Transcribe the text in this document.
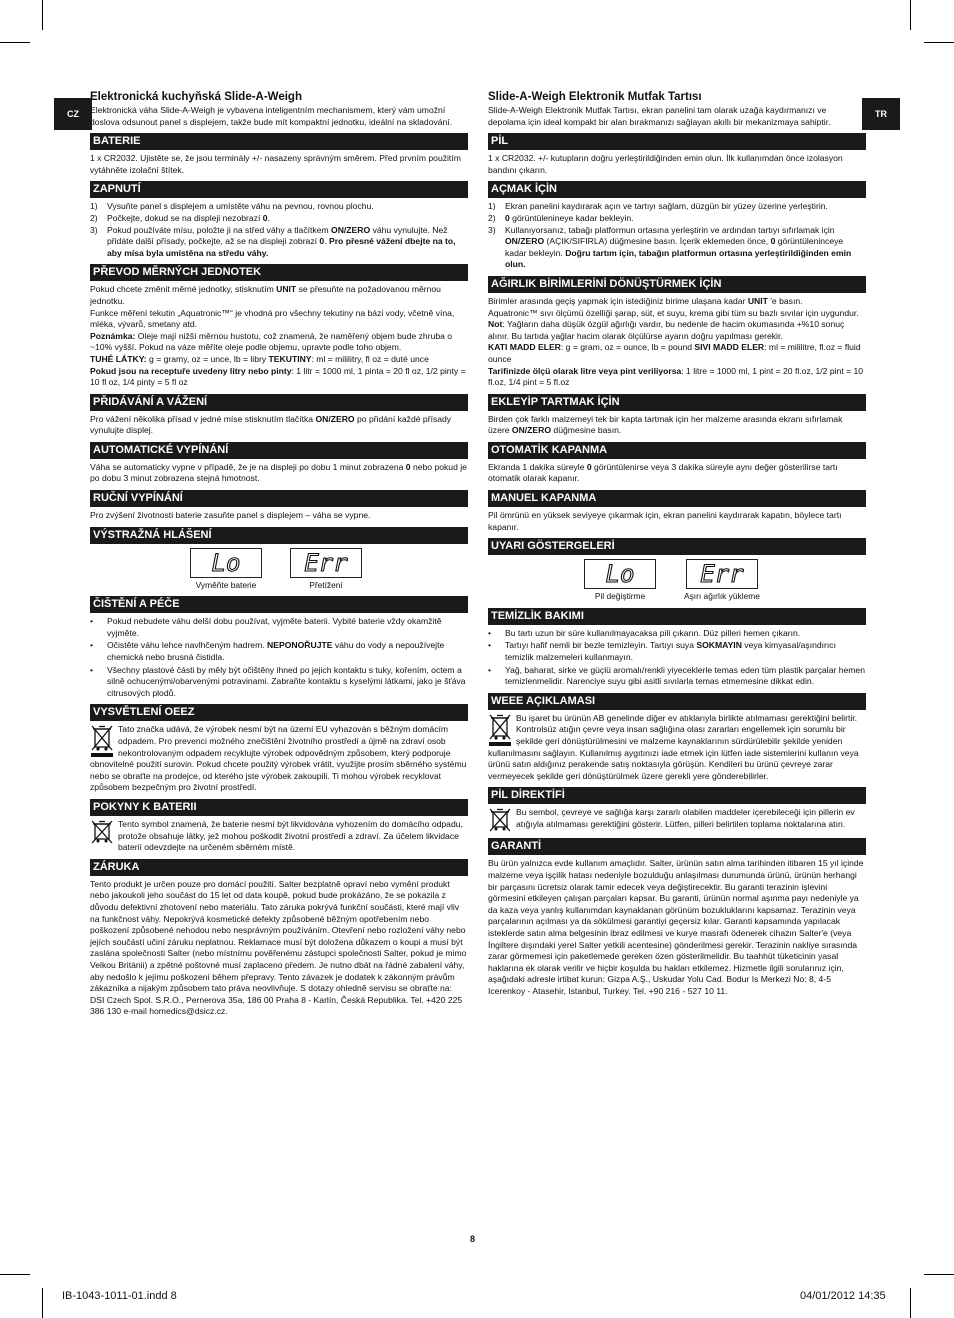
CZ	TR
Elektronická kuchyňská Slide-A-Weigh

Elektronická váha Slide-A-Weigh je vybavena inteligentním mechanismem, který vám umožní doslova odsunout panel s displejem, takže bude mít kompaktní jednotku, ideální na skladování.

BATERIE

1 x CR2032. Ujistěte se, že jsou terminály +/- nasazeny správným směrem. Před prvním použitím vytáhněte izolační štítek.

ZAPNUTÍ
1)	Vysuňte panel s displejem a umístěte váhu na pevnou, rovnou plochu.
2)	Počkejte, dokud se na displeji nezobrazí 0.
3)	Pokud používáte mísu, položte ji na střed váhy a tlačítkem ON/ZERO váhu vynulujte. Než přidáte další přísady, počkejte, až se na displeji zobrazí 0. Pro přesné vážení dbejte na to, aby mísa byla umístěna na středu váhy.
PŘEVOD MĚRNÝCH JEDNOTEK

Pokud chcete změnit měrné jednotky, stisknutím UNIT se přesuňte na požadovanou měrnou jednotku.

Funkce měření tekutin „Aquatronic™“ je vhodná pro všechny tekutiny na bázi vody, včetně vína, mléka, vývarů, smetany atd.

Poznámka: Oleje mají nižší měrnou hustotu, což znamená, že naměřený objem bude zhruba o ~10% vyšší. Pokud na váze měříte oleje podle objemu, upravte podle toho objem.

TUHÉ LÁTKY: g = gramy, oz = unce, lb = libry TEKUTINY: ml = mililitry, fl oz = duté unce

Pokud jsou na receptuře uvedeny litry nebo pinty: 1 litr = 1000 ml, 1 pinta = 20 fl oz, 1/2 pinty = 10 fl oz, 1/4 pinty = 5 fl oz

PŘIDÁVÁNÍ A VÁŽENÍ

Pro vážení několika přísad v jedné míse stisknutím tlačítka ON/ZERO po přidání každé přísady vynulujte displej.

AUTOMATICKÉ VYPÍNÁNÍ

Váha se automaticky vypne v případě, že je na displeji po dobu 1 minut zobrazena 0 nebo pokud je po dobu 3 minut zobrazena stejná hmotnost.

RUČNÍ VYPÍNÁNÍ

Pro zvýšení životnosti baterie zasuňte panel s displejem – váha se vypne.

VÝSTRAŽNÁ HLÁŠENÍ
Lo
Vyměňte baterie
Err
Přetížení
ČIŠTĚNÍ A PÉČE
•	Pokud nebudete váhu delší dobu používat, vyjměte baterii. Vybité baterie vždy okamžitě vyjměte.
•	Očistěte váhu lehce navlhčeným hadrem. NEPONOŘUJTE váhu do vody a nepoužívejte chemická nebo brusná čistidla.
•	Všechny plastové části by měly být očištěny ihned po jejich kontaktu s tuky, kořením, octem a silně ochucenými/obarvenými potravinami. Zabraňte kontaktu s kyselými látkami, jako je šťáva citrusových plodů.
VYSVĚTLENÍ OEEZ

Tato značka udává, že výrobek nesmí být na území EU vyhazován s běžným domácím odpadem. Pro prevenci možného znečištění životního prostředí a újmě na zdraví osob nekontrolovaným odpadem recyklujte výrobek odpovědným způsobem, který podporuje obnovitelné použití surovin. Pokud chcete použitý výrobek vrátit, využijte prosím sběrného systému nebo se obraťte na prodejce, od kterého jste výrobek zakoupili. Ti mohou výrobek recyklovat způsobem bezpečným pro životní prostředí.

POKYNY K BATERII

Tento symbol znamená, že baterie nesmí být likvidována vyhozením do domácího odpadu, protože obsahuje látky, jež mohou poškodit životní prostředí a zdraví. Za účelem likvidace baterií odevzdejte na určeném sběrném místě.

ZÁRUKA

Tento produkt je určen pouze pro domácí použití. Salter bezplatně opraví nebo vymění produkt nebo jakoukoli jeho součást do 15 let od data koupě, pokud bude prokázáno, že se pokazila z důvodu defektivní zhotovení nebo materiálu. Tato záruka pokrývá funkční součásti, které mají vliv na funkčnost váhy. Nepokrývá kosmetické defekty způsobené běžným opotřebením nebo poškození způsobené nehodou nebo nesprávným používáním. Otevření nebo rozložení váhy nebo jejích součástí učiní záruku neplatnou. Reklamace musí být doložena důkazem o koupi a musí být zaslána společnosti Salter (nebo místnímu pověřenému zástupci společnosti Salter, pokud je mimo Velkou Británii) a zpětné poštovné musí zaplaceno předem. Je nutno dbát na řádné zabalení váhy, aby nedošlo k jejímu poškození během přepravy. Tento závazek je dodatek k zákonným právům zákazníka a nijakým způsobem tato práva neovlivňuje. S dotazy ohledně servisu se obraťte na: DSI Czech Spol. S.R.O., Pernerova 35a, 186 00 Praha 8 - Karlín, Česká Republika. Tel. +420 225 386 130 e-mail homedics@dsicz.cz.

Slide-A-Weigh Elektronik Mutfak Tartısı

Slide-A-Weigh Elektronik Mutfak Tartısı, ekran panelini tam olarak uzağa kaydırmanızı ve depolama için ideal kompakt bir alan bırakmanızı sağlayan akıllı bir mekanizmaya sahiptir.

PİL

1 x CR2032. +/- kutupların doğru yerleştirildiğinden emin olun. İlk kullanımdan önce izolasyon bandını çıkarın.

AÇMAK İÇİN
1)	Ekran panelini kaydırarak açın ve tartıyı sağlam, düzgün bir yüzey üzerine yerleştirin.
2)	0 görüntülenineye kadar bekleyin.
3)	Kullanıyorsanız, tabağı platformun ortasına yerleştirin ve ardından tartıyı sıfırlamak için ON/ZERO (AÇIK/SIFIRLA) düğmesine basın. İçerik eklemeden önce, 0 görüntüleninceye kadar bekleyin. Doğru tartım için, tabağın platformun ortasına yerleştirildiğinden emin olun.
AĞIRLIK BİRİMLERİNİ DÖNÜŞTÜRMEK İÇİN

Birimler arasında geçiş yapmak için istediğiniz birime ulaşana kadar UNIT 'e basın.

Aquatronic™ sıvı ölçümü özelliği şarap, süt, et suyu, krema gibi tüm su bazlı sıvılar için uygundur.

Not: Yağların daha düşük özgül ağırlığı vardır, bu nedenle de hacim okumasında +%10 sonuç alınır. Bu tartıda yağlar hacim olarak ölçülürse ayarın doğru yapılması gerekir.

KATI MADD ELER: g = gram, oz = ounce, lb = pound SIVI MADD ELER: ml = mililitre, fl.oz = fluid ounce

Tarifinizde ölçü olarak litre veya pint veriliyorsa: 1 litre = 1000 ml, 1 pint = 20 fl.oz, 1/2 pint = 10 fl.oz, 1/4 pint = 5 fl.oz

EKLEYİP TARTMAK İÇİN

Birden çok farklı malzemeyi tek bir kapta tartmak için her malzeme arasında ekranı sıfırlamak üzere ON/ZERO düğmesine basın.

OTOMATİK KAPANMA

Ekranda 1 dakika süreyle 0 görüntülenirse veya 3 dakika süreyle aynı değer gösterilirse tartı otomatik olarak kapanır.

MANUEL KAPANMA

Pil ömrünü en yüksek seviyeye çıkarmak için, ekran panelini kaydırarak kapatın, böylece tartı kapanır.

UYARI GÖSTERGELERİ
Lo
Pil değiştirme
Err
Aşırı ağırlık yükleme
TEMİZLİK BAKIMI
•	Bu tartı uzun bir süre kullanılmayacaksa pili çıkarın. Düz pilleri hemen çıkarın.
•	Tartıyı hafif nemli bir bezle temizleyin. Tartıyı suya SOKMAYIN veya kimyasal/aşındırıcı temizlik malzemeleri kullanmayın.
•	Yağ, baharat, sirke ve güçlü aromalı/renkli yiyeceklerle temas eden tüm plastik parçalar hemen temizlenmelidir. Narenciye suyu gibi asitli sıvılarla temas etmemesine dikkat edin.
WEEE AÇIKLAMASI

Bu işaret bu ürünün AB genelinde diğer ev atıklarıyla birlikte atılmaması gerektiğini belirtir. Kontrolsüz atığın çevre veya insan sağlığına olası zararları engellemek için sorumlu bir şekilde geri dönüştürülmesini ve malzeme kaynaklarının sürdürülebilir şekilde yeniden kullanılmasını sağlayın. Kullanılmış aygıtınızı iade etmek için lütfen iade sistemlerini kullanın veya ürünü satın aldığınız perakende satış noktasıyla görüşün. Kendileri bu ürünü çevreye zarar vermeyecek şekilde geri dönüştürülmek üzere gerekli yere gönderebilirler.

PİL DİREKTİFİ

Bu sembol, çevreye ve sağlığa karşı zararlı olabilen maddeler içerebileceği için pillerin ev atığıyla atılmaması gerektiğini gösterir. Lütfen, pilleri belirtilen toplama noktalarına atın.

GARANTİ

Bu ürün yalnızca evde kullanım amaçlıdır. Salter, ürünün satın alma tarihinden itibaren 15 yıl içinde malzeme veya işçilik hatası nedeniyle bozulduğu anlaşılması durumunda ürünü, ürünün herhangi bir parçasını ücretsiz olarak tamir edecek veya değiştirecektir. Bu garanti terazinin işlevini görmesini etkileyen çalışan parçaları kapsar. Bu garanti, ürünün normal aşınma payı nedeniyle ya da kaza veya yanlış kullanımdan kaynaklanan görünüm bozukluklarını kapsamaz. Terazinin veya parçalarının açılması ya da sökülmesi garantiyi geçersiz kılar. Garanti kapsamında yapılacak isteklerde satın alma belgesinin ibraz edilmesi ve kurye masrafı ödenerek cihazın Salter'e (veya İngiltere dışındaki yerel Salter yetkili acentesine) gönderilmesi gerekir. Terazinin nakliye sırasında zarar görmemesi için paketlemede gereken özen gösterilmelidir. Bu taahhüt tüketicinin yasal haklarına ek olarak verilir ve hiçbir koşulda bu hakları etkilemez. Hizmetle ilgili sorularınız için, aşağıdaki adresle irtibat kurun: Gizpa A.Ş., Uskudar Yolu Cad. Bodur Is Merkezi No: 8, 4-5 Icerenkoy - Atasehir, Istanbul, Turkey. Tel. +90 216 - 527 10 11.

8
IB-1043-1011-01.indd 8	04/01/2012 14:35
